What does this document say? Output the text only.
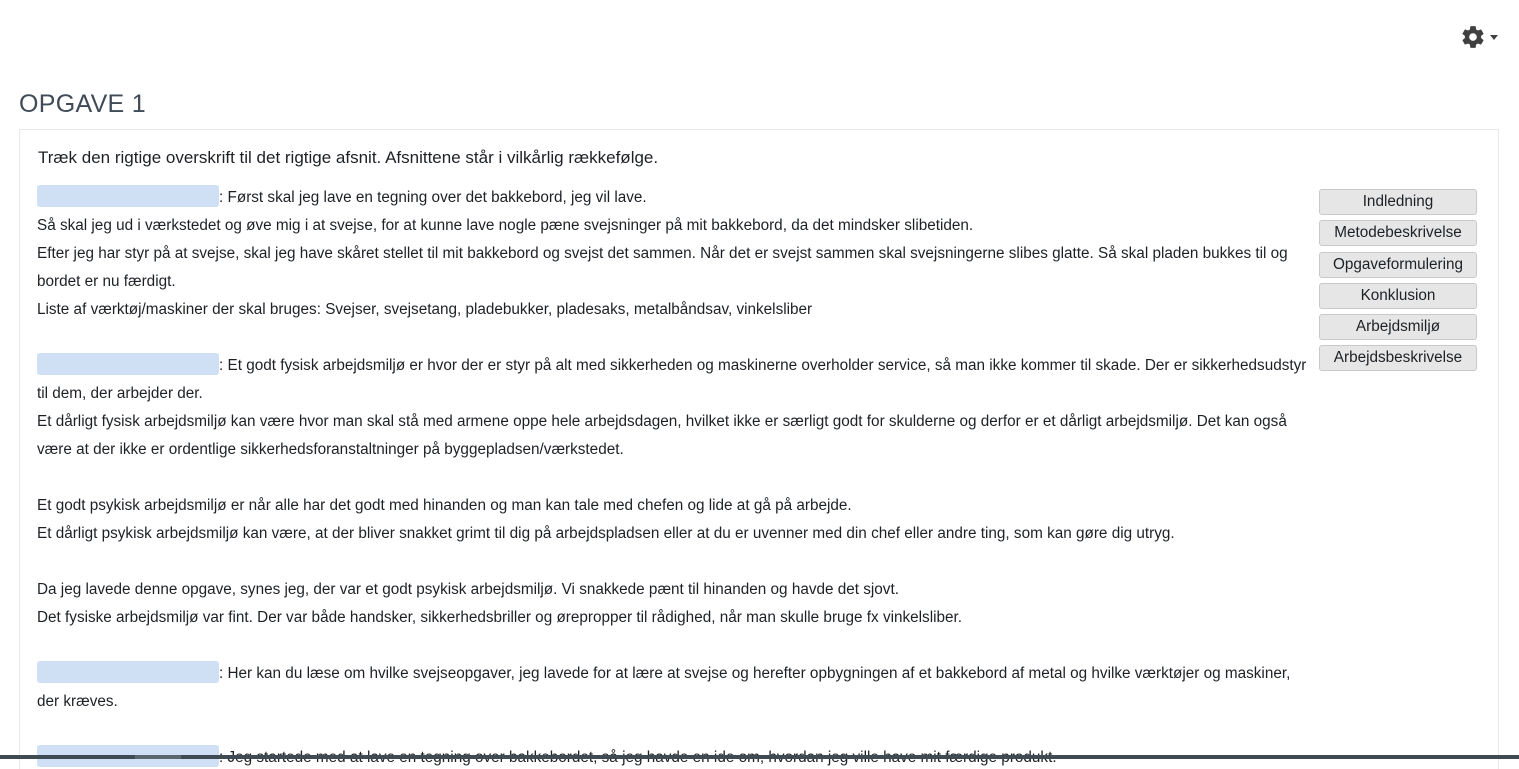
OPGAVE 1
Træk den rigtige overskrift til det rigtige afsnit. Afsnittene står i vilkårlig rækkefølge.

: Først skal jeg lave en tegning over det bakkebord, jeg vil lave.

Så skal jeg ud i værkstedet og øve mig i at svejse, for at kunne lave nogle pæne svejsninger på mit bakkebord, da det mindsker slibetiden.

Efter jeg har styr på at svejse, skal jeg have skåret stellet til mit bakkebord og svejst det sammen. Når det er svejst sammen skal svejsningerne slibes glatte. Så skal pladen bukkes til og bordet er nu færdigt.

Liste af værktøj/maskiner der skal bruges: Svejser, svejsetang, pladebukker, pladesaks, metalbåndsav, vinkelsliber

: Et godt fysisk arbejdsmiljø er hvor der er styr på alt med sikkerheden og maskinerne overholder service, så man ikke kommer til skade. Der er sikkerhedsudstyr til dem, der arbejder der.

Et dårligt fysisk arbejdsmiljø kan være hvor man skal stå med armene oppe hele arbejdsdagen, hvilket ikke er særligt godt for skulderne og derfor er et dårligt arbejdsmiljø. Det kan også være at der ikke er ordentlige sikkerhedsforanstaltninger på byggepladsen/værkstedet.

Et godt psykisk arbejdsmiljø er når alle har det godt med hinanden og man kan tale med chefen og lide at gå på arbejde.

Et dårligt psykisk arbejdsmiljø kan være, at der bliver snakket grimt til dig på arbejdspladsen eller at du er uvenner med din chef eller andre ting, som kan gøre dig utryg.

Da jeg lavede denne opgave, synes jeg, der var et godt psykisk arbejdsmiljø. Vi snakkede pænt til hinanden og havde det sjovt.

Det fysiske arbejdsmiljø var fint. Der var både handsker, sikkerhedsbriller og ørepropper til rådighed, når man skulle bruge fx vinkelsliber.

: Her kan du læse om hvilke svejseopgaver, jeg lavede for at lære at svejse og herefter opbygningen af et bakkebord af metal og hvilke værktøjer og maskiner, der kræves.

Indledning
Metodebeskrivelse
Opgaveformulering
Konklusion
Arbejdsmiljø
Arbejdsbeskrivelse
